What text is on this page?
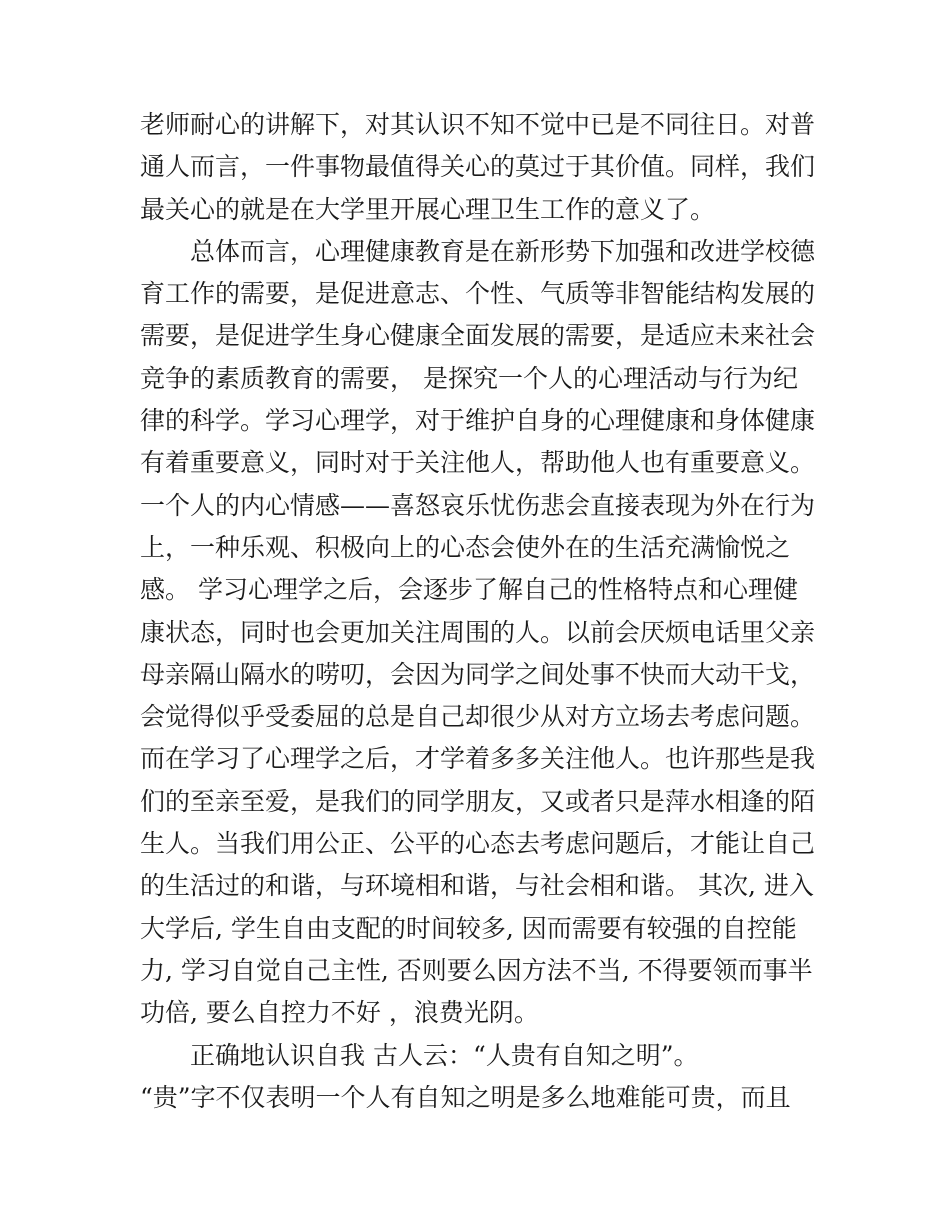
老师耐心的讲解下，对其认识不知不觉中已是不同往日。对普
通人而言，一件事物最值得关心的莫过于其价值。同样，我们
最关心的就是在大学里开展心理卫生工作的意义了。
总体而言，心理健康教育是在新形势下加强和改进学校德
育工作的需要，是促进意志、个性、气质等非智能结构发展的
需要，是促进学生身心健康全面发展的需要，是适应未来社会
竞争的素质教育的需要， 是探究一个人的心理活动与行为纪
律的科学。学习心理学，对于维护自身的心理健康和身体健康
有着重要意义，同时对于关注他人，帮助他人也有重要意义。
一个人的内心情感——喜怒哀乐忧伤悲会直接表现为外在行为
上，一种乐观、积极向上的心态会使外在的生活充满愉悦之
感。 学习心理学之后，会逐步了解自己的性格特点和心理健
康状态，同时也会更加关注周围的人。以前会厌烦电话里父亲
母亲隔山隔水的唠叨，会因为同学之间处事不快而大动干戈，
会觉得似乎受委屈的总是自己却很少从对方立场去考虑问题。
而在学习了心理学之后，才学着多多关注他人。也许那些是我
们的至亲至爱，是我们的同学朋友，又或者只是萍水相逢的陌
生人。当我们用公正、公平的心态去考虑问题后，才能让自己
的生活过的和谐，与环境相和谐，与社会相和谐。 其次, 进入
大学后, 学生自由支配的时间较多, 因而需要有较强的自控能
力, 学习自觉自己主性, 否则要么因方法不当, 不得要领而事半
功倍, 要么自控力不好 ，浪费光阴。
正确地认识自我 古人云：“人贵有自知之明”。
“贵”字不仅表明一个人有自知之明是多么地难能可贵，而且
